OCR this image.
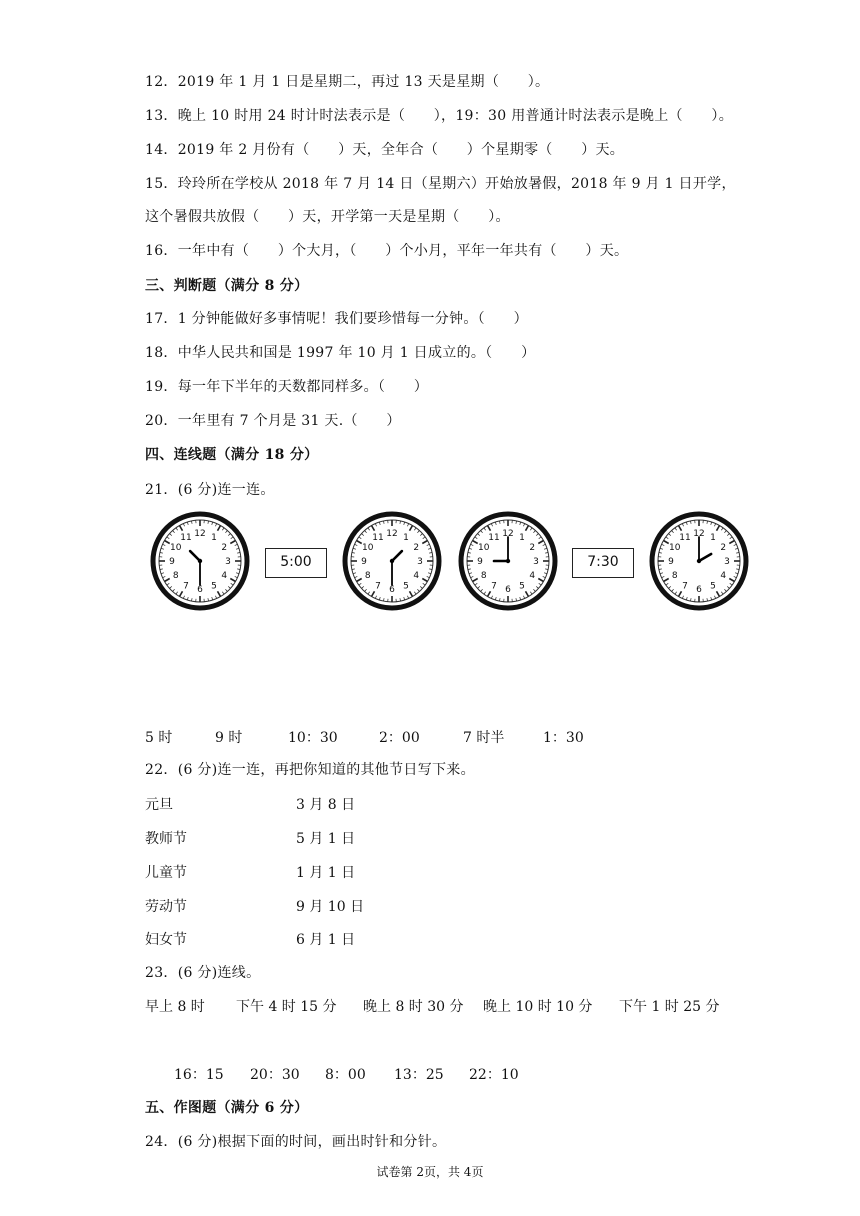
12．2019 年 1 月 1 日是星期二，再过 13 天是星期（　　）。
13．晚上 10 时用 24 时计时法表示是（　　），19：30 用普通计时法表示是晚上（　　）。
14．2019 年 2 月份有（　　）天，全年合（　　）个星期零（　　）天。
15．玲玲所在学校从 2018 年 7 月 14 日（星期六）开始放暑假，2018 年 9 月 1 日开学，
这个暑假共放假（　　）天，开学第一天是星期（　　）。
16．一年中有（　　）个大月，（　　）个小月，平年一年共有（　　）天。
三、判断题（满分 8 分）
17．1 分钟能做好多事情呢！我们要珍惜每一分钟。（　　）
18．中华人民共和国是 1997 年 10 月 1 日成立的。（　　）
19．每一年下半年的天数都同样多。（　　）
20．一年里有 7 个月是 31 天.（　　）
四、连线题（满分 18 分）
21．(6 分)连一连。
1
2
3
4
5
6
7
8
9
10
11 12
5:00
1
2
3
4
5
6
7
8
9
10
11 12	1
2
3
4
5
6
7
8
9
10
11 12
7:30
1
2
3
4
5
6
7
8
9
10
11 12
5 时	9 时	10：30	2：00	7 时半	1：30
22．(6 分)连一连，再把你知道的其他节日写下来。
元旦	3 月 8 日
教师节	5 月 1 日
儿童节	1 月 1 日
劳动节	9 月 10 日
妇女节	6 月 1 日
23．(6 分)连线。
早上 8 时 下午 4 时 15 分 晚上 8 时 30 分 晚上 10 时 10 分 下午 1 时 25 分
16：15 20：30 8：00 13：25 22：10
五、作图题（满分 6 分）
24．(6 分)根据下面的时间，画出时针和分针。
试卷第 2页，共 4页
